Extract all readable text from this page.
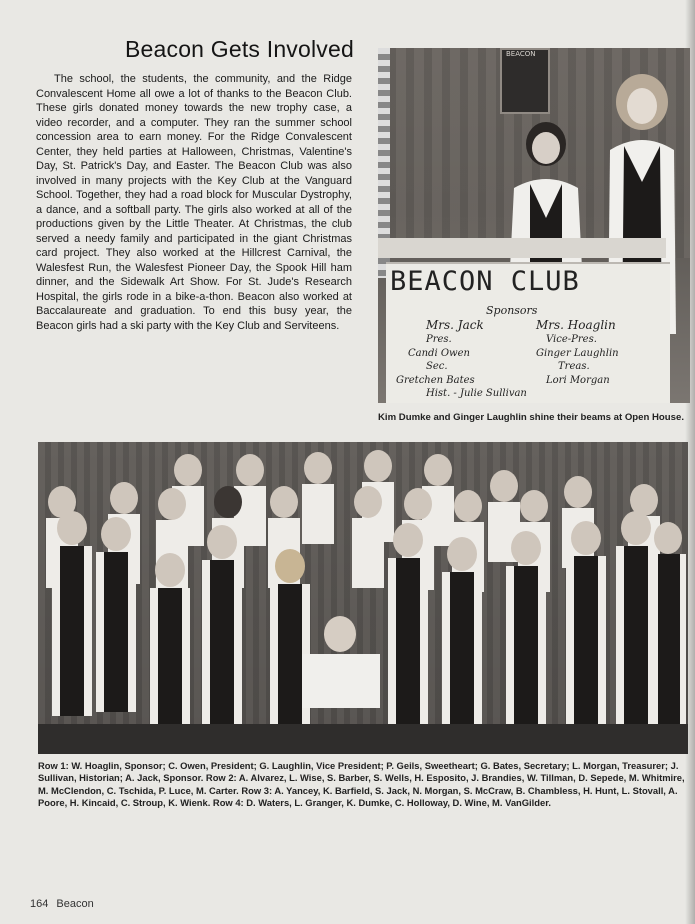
Beacon Gets Involved

The school, the students, the community, and the Ridge Convalescent Home all owe a lot of thanks to the Beacon Club. These girls donated money towards the new trophy case, a video recorder, and a computer. They ran the summer school concession area to earn money. For the Ridge Convalescent Center, they held parties at Halloween, Christmas, Valentine's Day, St. Patrick's Day, and Easter. The Beacon Club was also involved in many projects with the Key Club at the Vanguard School. Together, they had a road block for Muscular Dystrophy, a dance, and a softball party. The girls also worked at all of the productions given by the Little Theater. At Christmas, the club served a needy family and participated in the giant Christmas card project. They also worked at the Hillcrest Carnival, the Walesfest Run, the Walesfest Pioneer Day, the Spook Hill ham dinner, and the Sidewalk Art Show. For St. Jude's Research Hospital, the girls rode in a bike-a-thon. Beacon also worked at Baccalaureate and graduation. To end this busy year, the Beacon girls had a ski party with the Key Club and Serviteens.

BEACON
BEACON CLUB
Sponsors
Mrs. Jack	Mrs. Hoaglin
Pres.	Vice-Pres.
Candi Owen	Ginger Laughlin
Sec.	Treas.
Gretchen Bates	Lori Morgan
Hist. - Julie Sullivan
Kim Dumke and Ginger Laughlin shine their beams at Open House.

Row 1: W. Hoaglin, Sponsor; C. Owen, President; G. Laughlin, Vice President; P. Geils, Sweetheart; G. Bates, Secretary; L. Morgan, Treasurer; J. Sullivan, Historian; A. Jack, Sponsor. Row 2: A. Alvarez, L. Wise, S. Barber, S. Wells, H. Esposito, J. Brandies, W. Tillman, D. Sepede, M. Whitmire, M. McClendon, C. Tschida, P. Luce, M. Carter. Row 3: A. Yancey, K. Barfield, S. Jack, N. Morgan, S. McCraw, B. Chambless, H. Hunt, L. Stovall, A. Poore, H. Kincaid, C. Stroup, K. Wienk. Row 4: D. Waters, L. Granger, K. Dumke, C. Holloway, D. Wine, M. VanGilder.

164 Beacon
